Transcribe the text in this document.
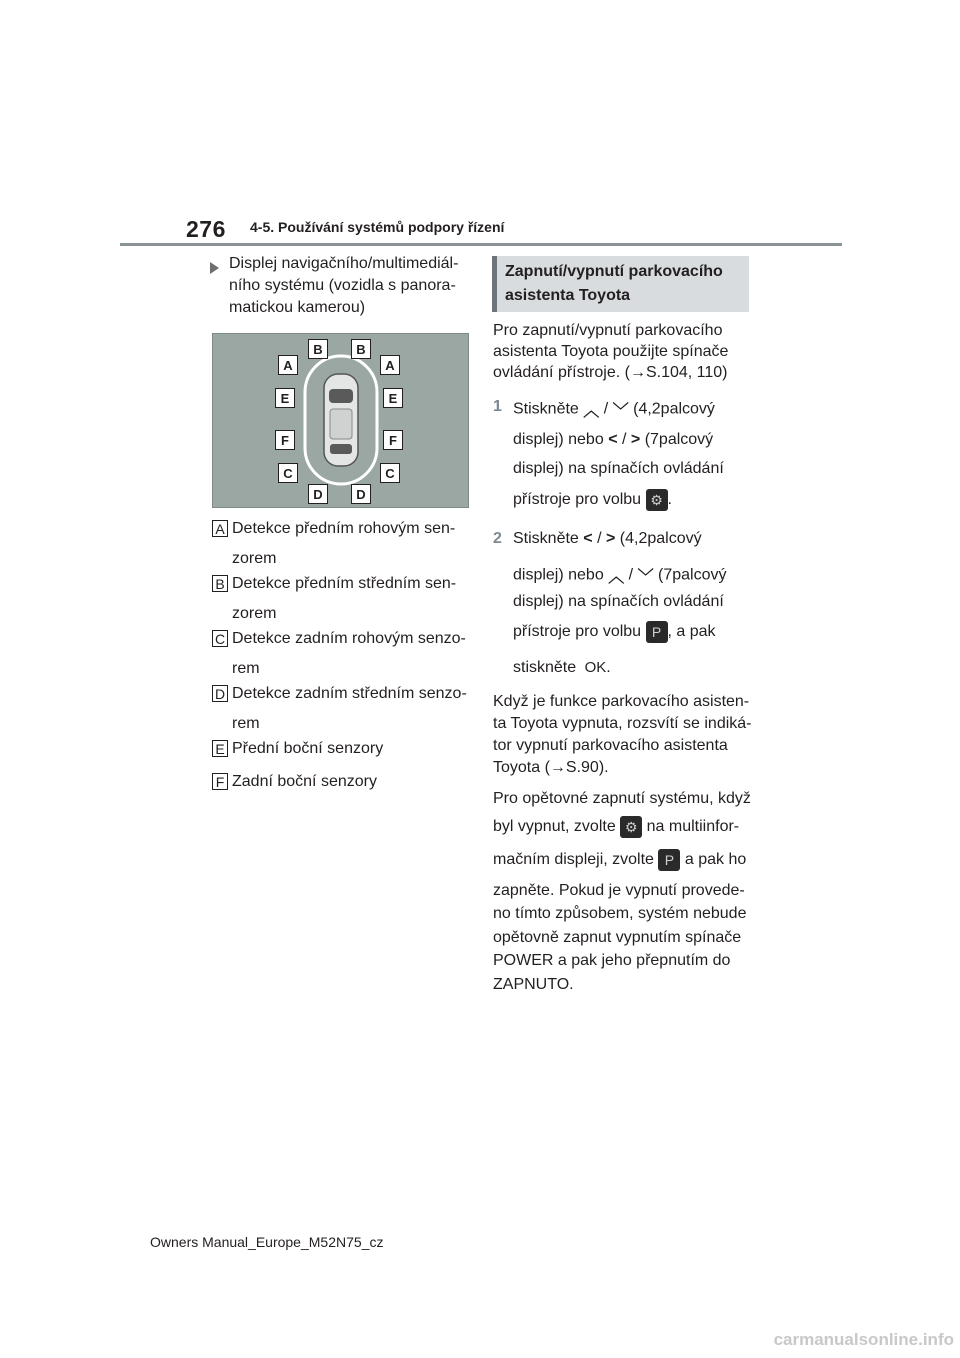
276 4-5. Používání systémů podpory řízení
Displej navigačního/multimediál-
ního systému (vozidla s panora-
matickou kamerou)
B	B
A	A
E	E
F	F
C	C
D	D
A Detekce předním rohovým sen-
zorem
B Detekce předním středním sen-
zorem
C Detekce zadním rohovým senzo-
rem
D Detekce zadním středním senzo-
rem
E Přední boční senzory
F Zadní boční senzory
Zapnutí/vypnutí parkovacího
asistenta Toyota
Pro zapnutí/vypnutí parkovacího
asistenta Toyota použijte spínače
ovládání přístroje. (→S.104, 110)
1 Stiskněte ︿ / ﹀ (4,2palcový
displej) nebo < / > (7palcový
displej) na spínačích ovládání
přístroje pro volbu ⚙ .
2 Stiskněte < / > (4,2palcový
displej) nebo ︿ / ﹀ (7palcový
displej) na spínačích ovládání
přístroje pro volbu P , a pak
stiskněte OK.
Když je funkce parkovacího asisten-
ta Toyota vypnuta, rozsvítí se indiká-
tor vypnutí parkovacího asistenta
Toyota (→S.90).
Pro opětovné zapnutí systému, když
byl vypnut, zvolte ⚙ na multiinfor-
mačním displeji, zvolte P a pak ho
zapněte. Pokud je vypnutí provede-
no tímto způsobem, systém nebude
opětovně zapnut vypnutím spínače
POWER a pak jeho přepnutím do
ZAPNUTO.
Owners Manual_Europe_M52N75_cz
carmanualsonline.info
